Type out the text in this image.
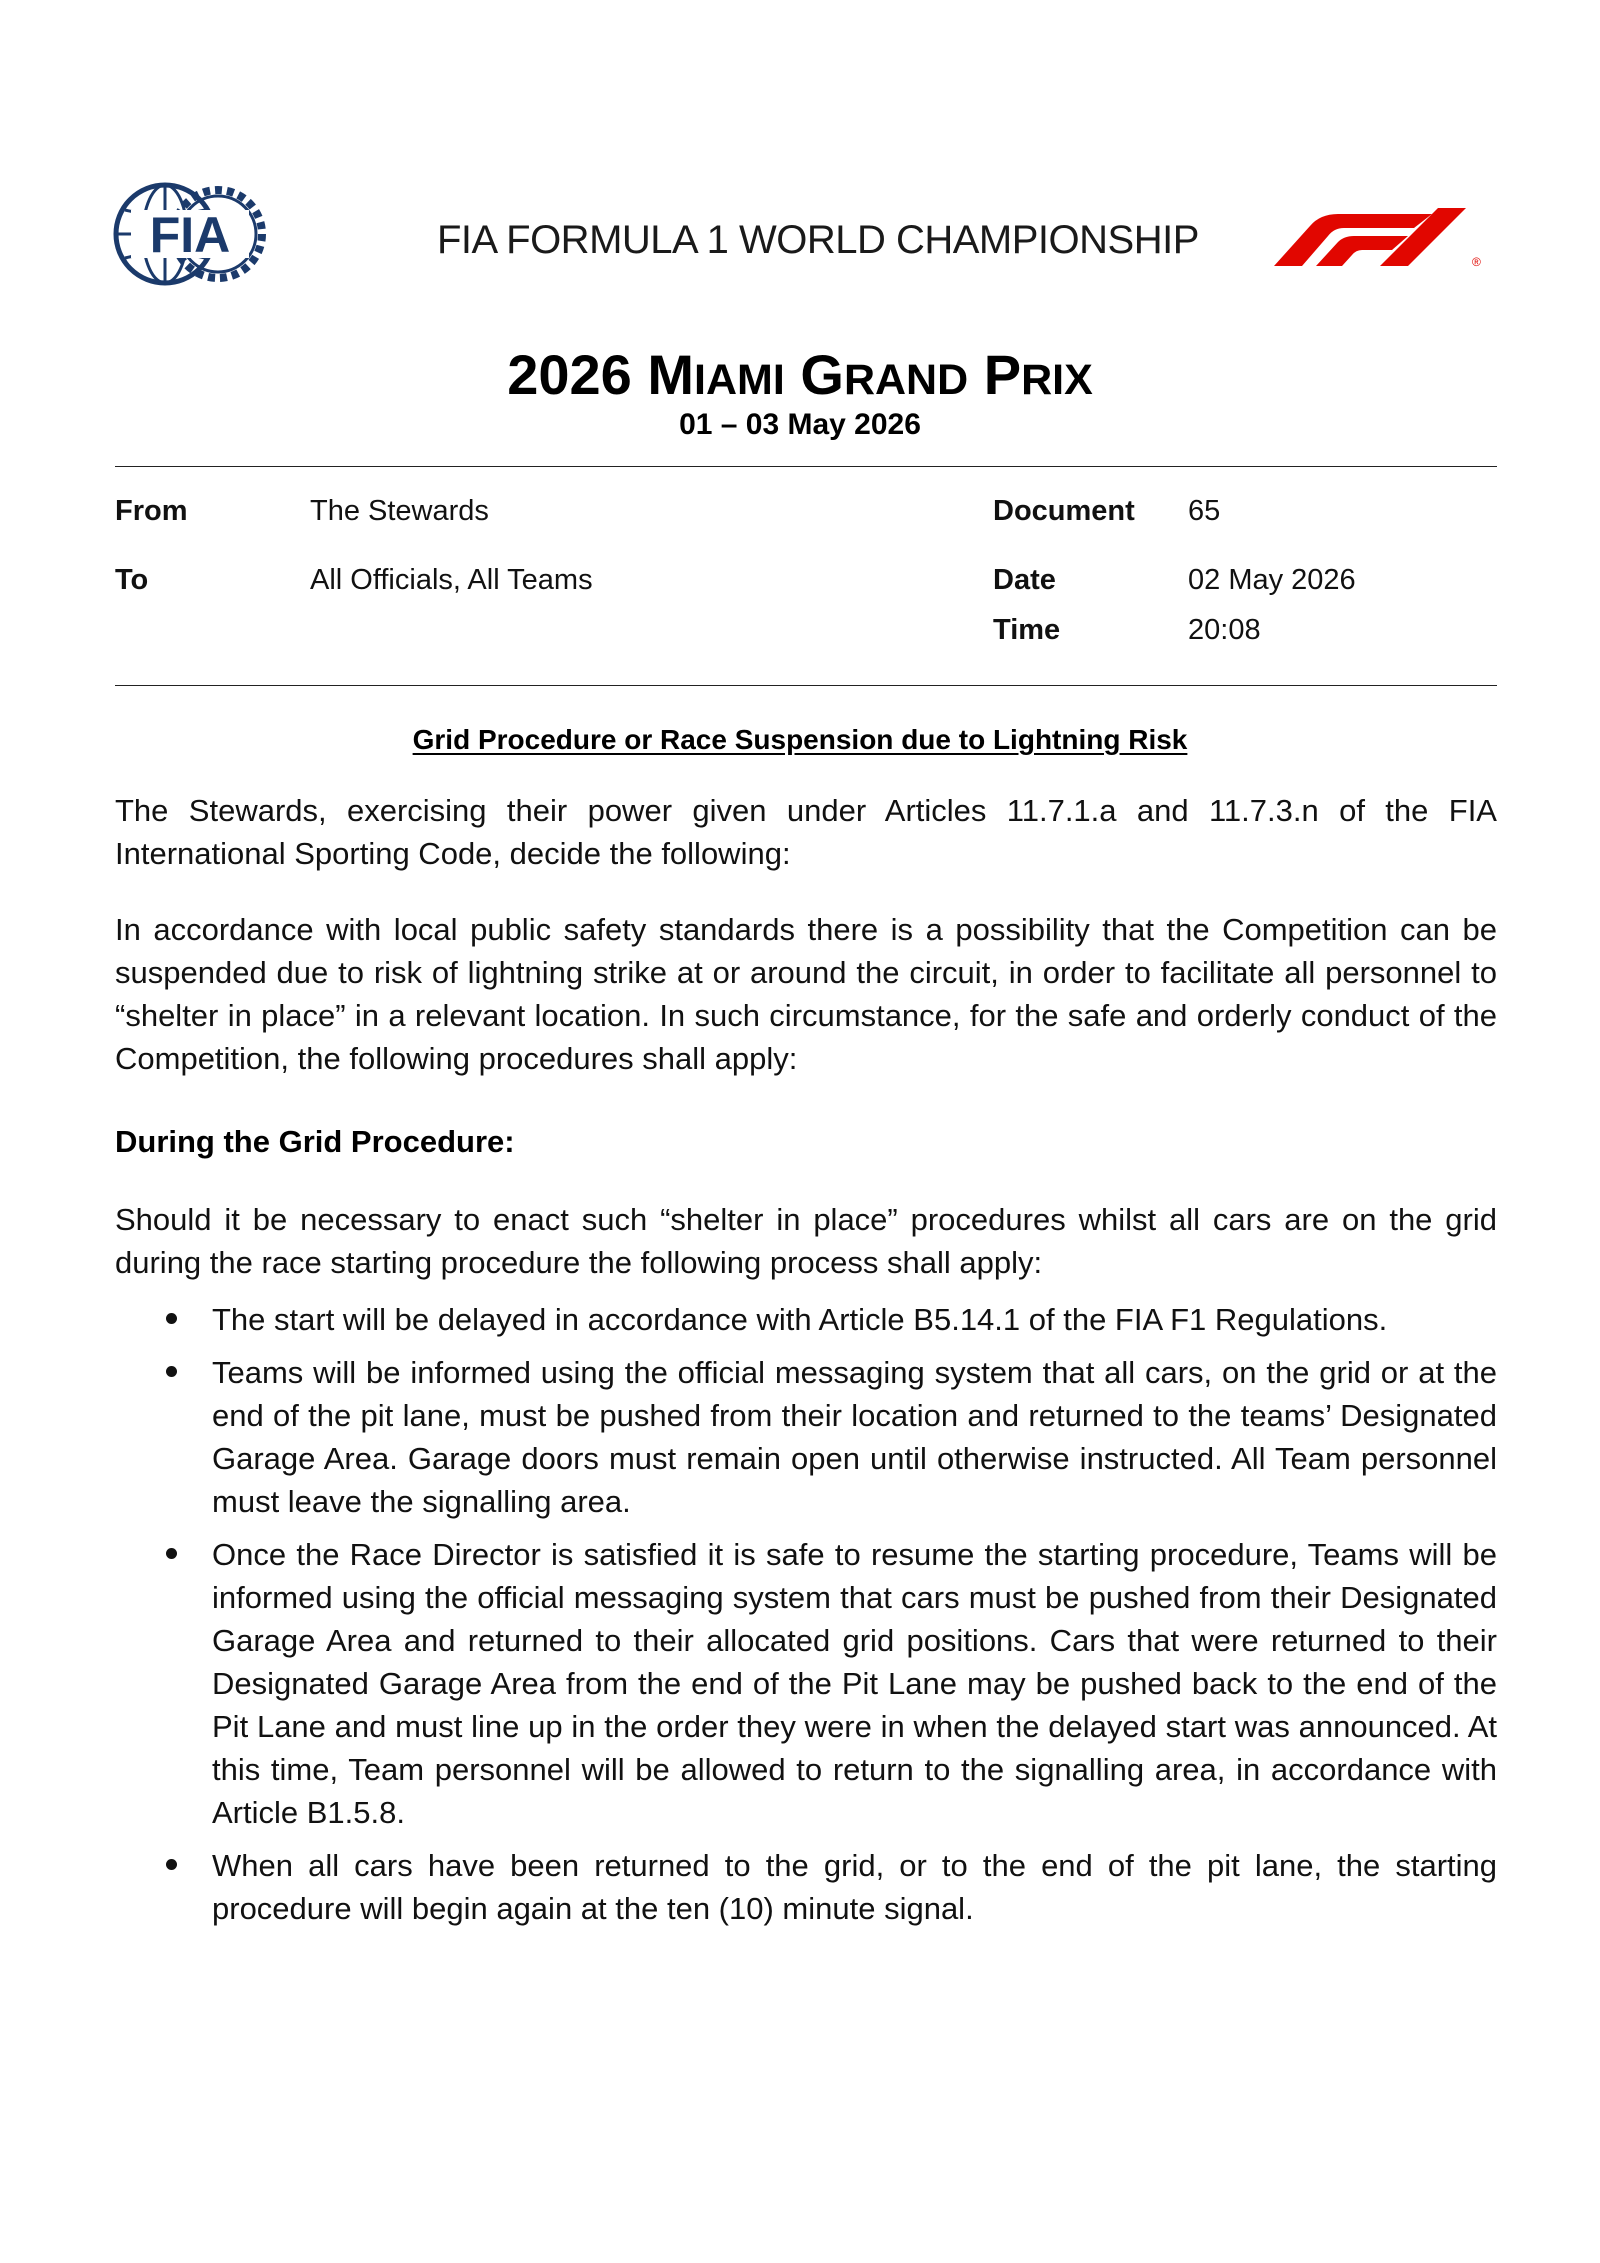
FIA	FIA FORMULA 1 WORLD CHAMPIONSHIP	®
2026 MIAMI GRAND PRIX
01 – 03 May 2026
From	The Stewards	Document 65
To	All Officials, All Teams	Date	02 May 2026
Time	20:08
Grid Procedure or Race Suspension due to Lightning Risk

The Stewards, exercising their power given under Articles 11.7.1.a and 11.7.3.n of the FIA International Sporting Code, decide the following:

In accordance with local public safety standards there is a possibility that the Competition can be suspended due to risk of lightning strike at or around the circuit, in order to facilitate all personnel to “shelter in place” in a relevant location. In such circumstance, for the safe and orderly conduct of the Competition, the following procedures shall apply:

During the Grid Procedure:

Should it be necessary to enact such “shelter in place” procedures whilst all cars are on the grid during the race starting procedure the following process shall apply:

The start will be delayed in accordance with Article B5.14.1 of the FIA F1 Regulations.
Teams will be informed using the official messaging system that all cars, on the grid or at the end of the pit lane, must be pushed from their location and returned to the teams’ Designated Garage Area. Garage doors must remain open until otherwise instructed. All Team personnel must leave the signalling area.
Once the Race Director is satisfied it is safe to resume the starting procedure, Teams will be informed using the official messaging system that cars must be pushed from their Designated Garage Area and returned to their allocated grid positions. Cars that were returned to their Designated Garage Area from the end of the Pit Lane may be pushed back to the end of the Pit Lane and must line up in the order they were in when the delayed start was announced. At this time, Team personnel will be allowed to return to the signalling area, in accordance with Article B1.5.8.
When all cars have been returned to the grid, or to the end of the pit lane, the starting procedure will begin again at the ten (10) minute signal.
